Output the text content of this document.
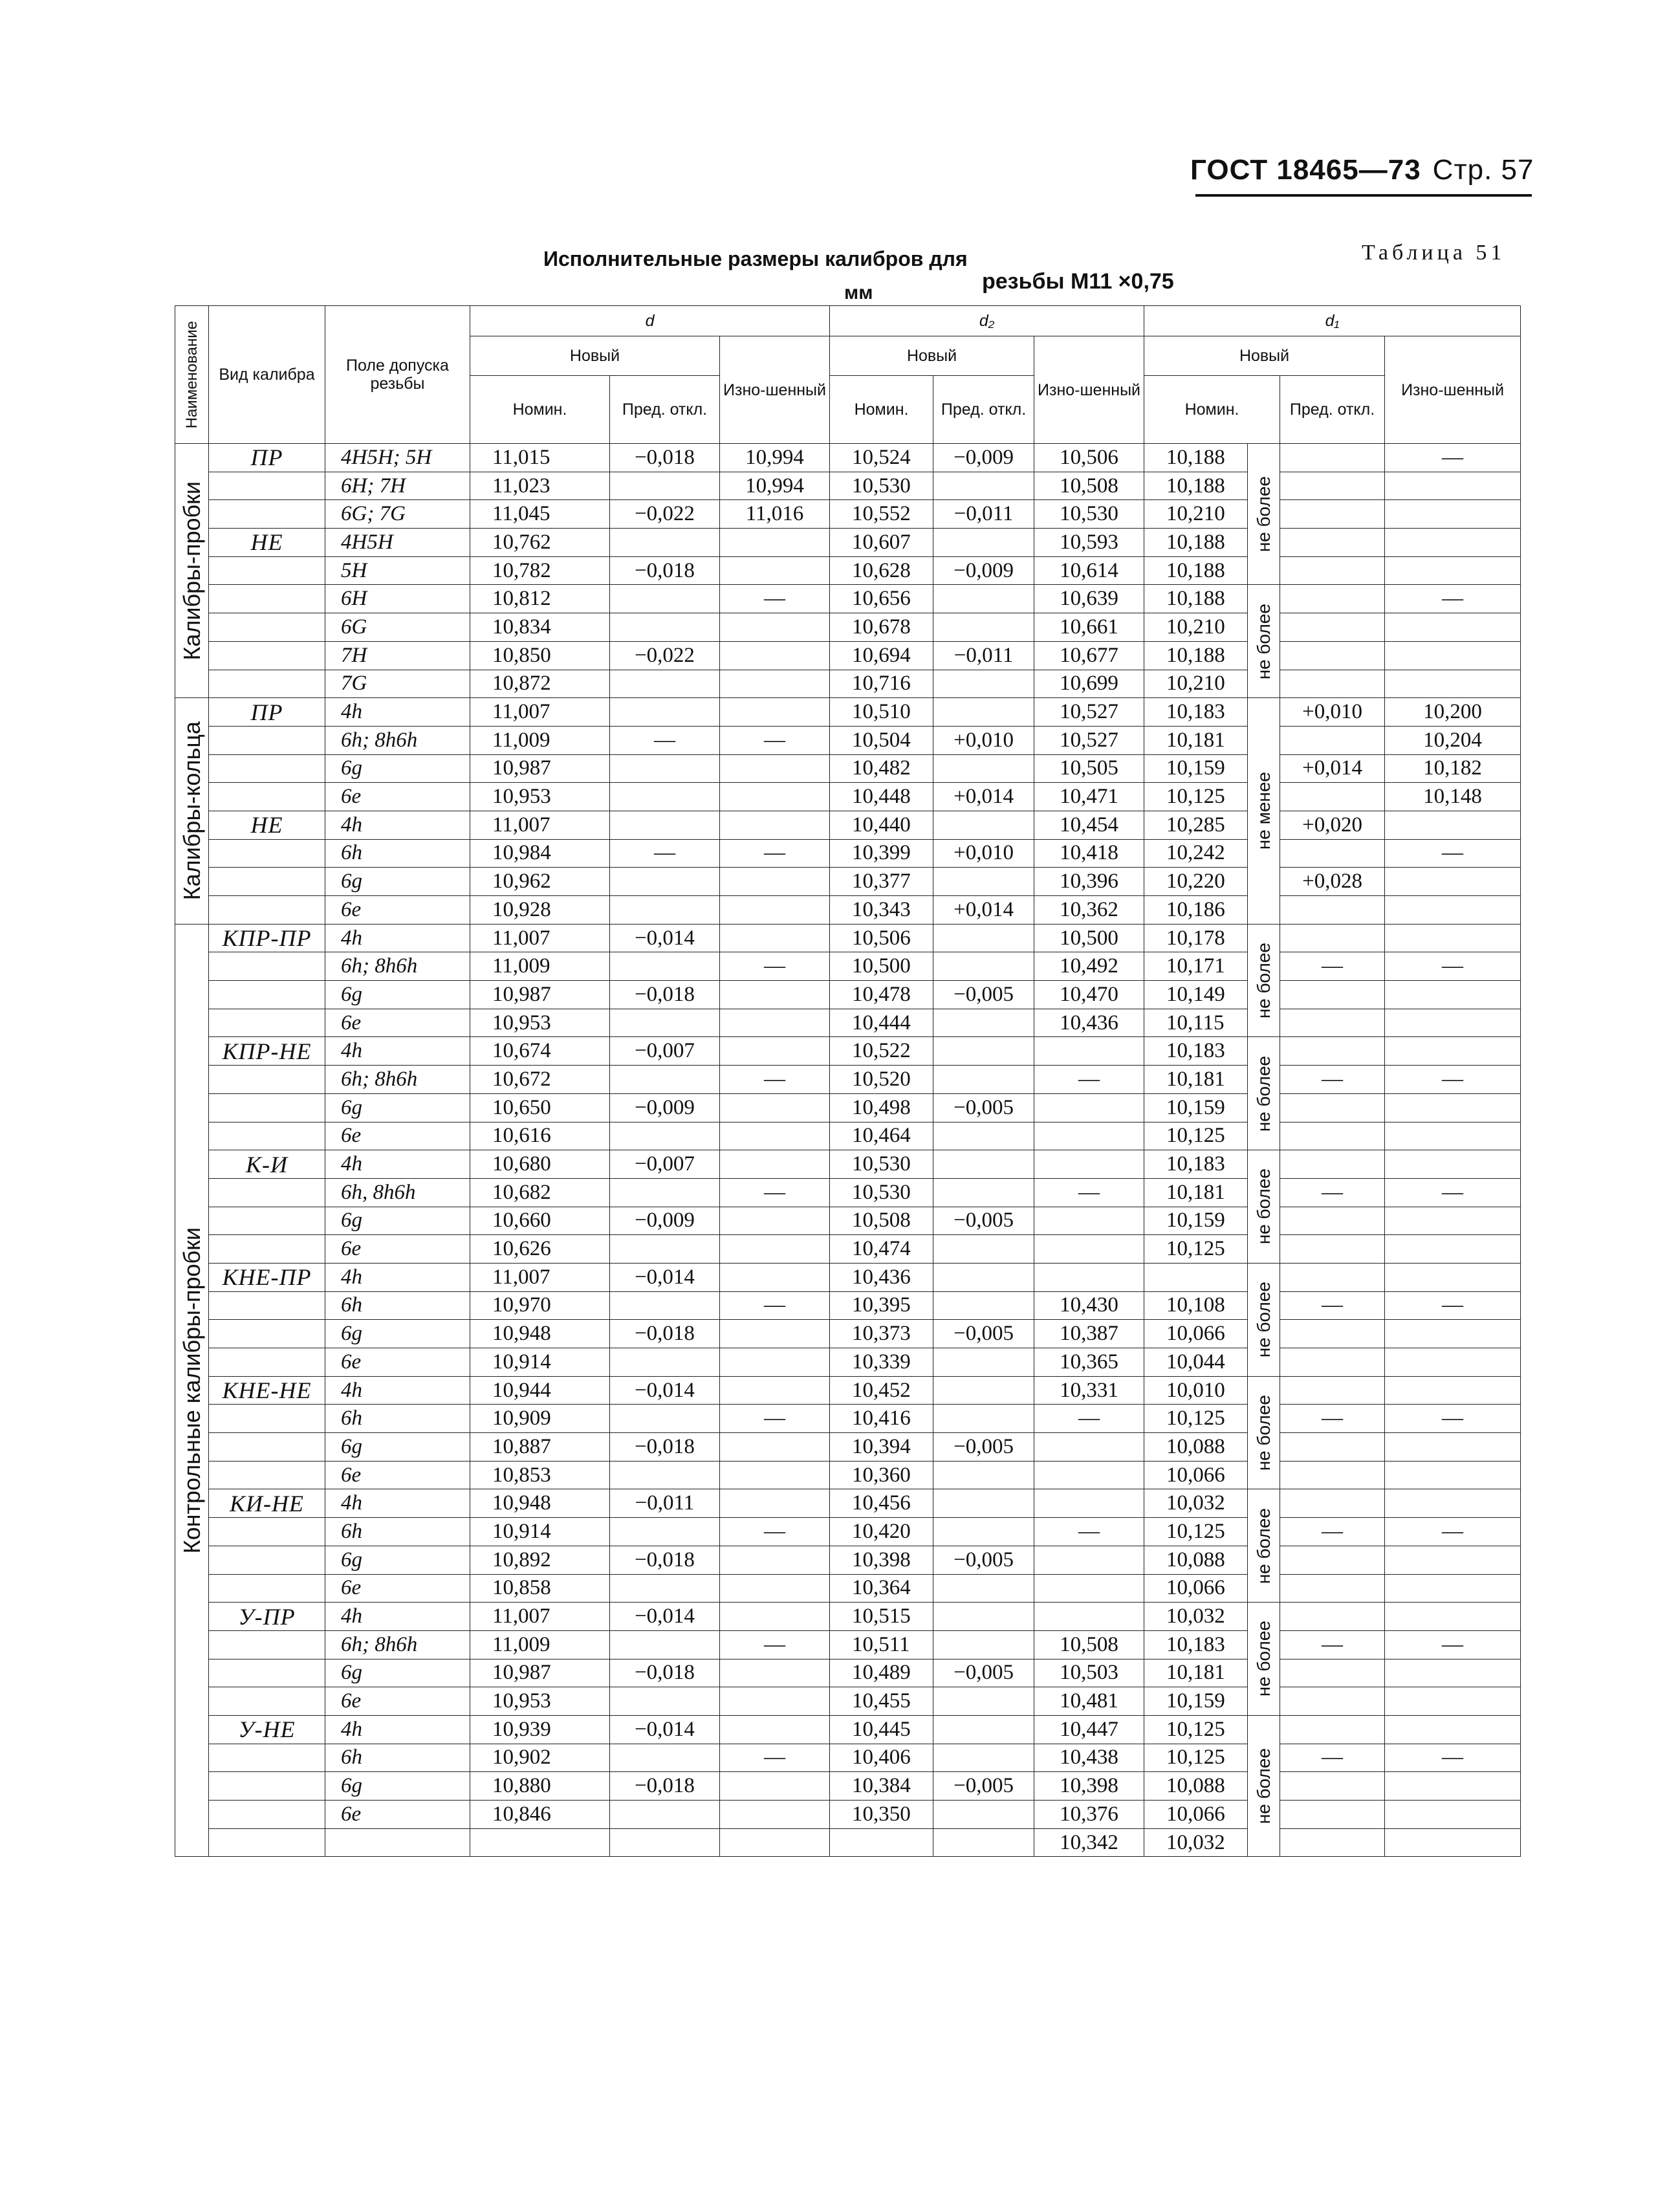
ГОСТ 18465—73 Стр. 57
Таблица 51
Исполнительные размеры калибров для
резьбы М11 ×0,75
мм
Наименование	Вид калибра	Поле допуска резьбы	d			d₂			d₁			
			Новый		Изно-шенный	Новый		Изно-шенный	Новый			Изно-шенный
			Номин.	Пред. откл.		Номин.	Пред. откл.		Номин.		Пред. откл.	

Калибры-пробки	ПР	4H5H; 5H	11,015	−0,018	10,994	10,524	−0,009	10,506	10,188	не более		—
		6H; 7H	11,023		10,994	10,530		10,508	10,188			
		6G; 7G	11,045	−0,022	11,016	10,552	−0,011	10,530	10,210			
	НЕ	4H5H	10,762			10,607		10,593	10,188			
		5H	10,782	−0,018		10,628	−0,009	10,614	10,188			
		6H	10,812		—	10,656		10,639	10,188	не более		—
		6G	10,834			10,678		10,661	10,210			
		7H	10,850	−0,022		10,694	−0,011	10,677	10,188			
		7G	10,872			10,716		10,699	10,210			

Калибры-кольца	ПР	4h	11,007			10,510		10,527	10,183	не менее	+0,010	10,200
		6h; 8h6h	11,009	—	—	10,504	+0,010	10,527	10,181			10,204
		6g	10,987			10,482		10,505	10,159		+0,014	10,182
		6e	10,953			10,448	+0,014	10,471	10,125			10,148
	НЕ	4h	11,007			10,440		10,454	10,285		+0,020	
		6h	10,984	—	—	10,399	+0,010	10,418	10,242			—
		6g	10,962			10,377		10,396	10,220		+0,028	
		6e	10,928			10,343	+0,014	10,362	10,186			

Контрольные калибры-пробки	КПР-ПР	4h	11,007	−0,014		10,506		10,500	10,178	не более		

		6h; 8h6h	11,009		—	10,500		10,492	10,171		—	—
		6g	10,987	−0,018		10,478	−0,005	10,470	10,149			
		6e	10,953			10,444		10,436	10,115			
	КПР-НЕ	4h	10,674	−0,007		10,522			10,183	не более		

		6h; 8h6h	10,672		—	10,520		—	10,181		—	—
		6g	10,650	−0,009		10,498	−0,005		10,159			
		6e	10,616			10,464			10,125			
	К-И	4h	10,680	−0,007		10,530			10,183	не более		

		6h, 8h6h	10,682		—	10,530		—	10,181		—	—
		6g	10,660	−0,009		10,508	−0,005		10,159			
		6e	10,626			10,474			10,125			
	КНЕ-ПР	4h	11,007	−0,014		10,436				не более		

		6h	10,970		—	10,395		10,430	10,108		—	—
		6g	10,948	−0,018		10,373	−0,005	10,387	10,066			
		6e	10,914			10,339		10,365	10,044			
	КНЕ-НЕ	4h	10,944	−0,014		10,452		10,331	10,010	не более		

		6h	10,909		—	10,416		—	10,125		—	—
		6g	10,887	−0,018		10,394	−0,005		10,088			
		6e	10,853			10,360			10,066			
	КИ-НЕ	4h	10,948	−0,011		10,456			10,032	не более		

		6h	10,914		—	10,420		—	10,125		—	—
		6g	10,892	−0,018		10,398	−0,005		10,088			
		6e	10,858			10,364			10,066			
	У-ПР	4h	11,007	−0,014		10,515			10,032	не более		

		6h; 8h6h	11,009		—	10,511		10,508	10,183		—	—
		6g	10,987	−0,018		10,489	−0,005	10,503	10,181			
		6e	10,953			10,455		10,481	10,159			
	У-НЕ	4h	10,939	−0,014		10,445		10,447	10,125	не более		

		6h	10,902		—	10,406		10,438	10,125		—	—
		6g	10,880	−0,018		10,384	−0,005	10,398	10,088			
		6e	10,846			10,350		10,376	10,066			
								10,342	10,032			
